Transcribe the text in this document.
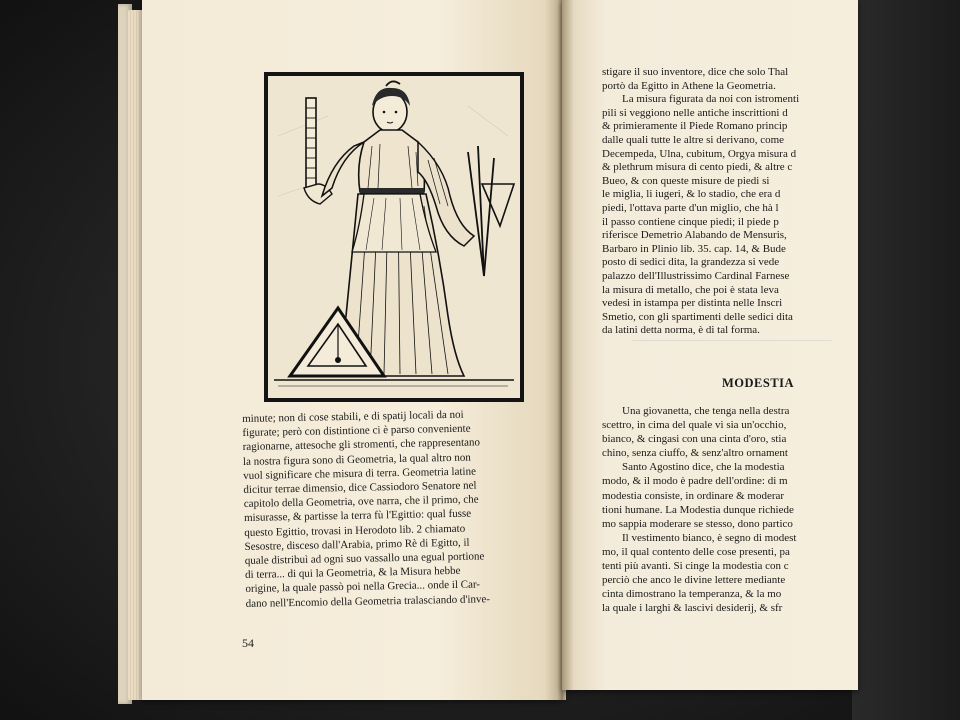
minute; non di cose stabili, e di spatij locali da noi
figurate; però con distintione ci è parso conveniente
ragionarne, attesoche gli stromenti, che rappresentano
la nostra figura sono di Geometria, la qual altro non
vuol significare che misura di terra. Geometria latine
dicitur terrae dimensio, dice Cassiodoro Senatore nel
capitolo della Geometria, ove narra, che il primo, che
misurasse, & partisse la terra fù l'Egittio: qual fusse
questo Egittio, trovasi in Herodoto lib. 2 chiamato
Sesostre, disceso dall'Arabia, primo Rè di Egitto, il
quale distribuì ad ogni suo vassallo una egual portione
di terra... di qui la Geometria, & la Misura hebbe
origine, la quale passò poi nella Grecia... onde il Car-
dano nell'Encomio della Geometria tralasciando d'inve-
54
stigare il suo inventore, dice che solo Thal
portò da Egitto in Athene la Geometria.
La misura figurata da noi con istromenti
pili si veggiono nelle antiche inscrittioni d
& primieramente il Piede Romano princip
dalle quali tutte le altre si derivano, come
Decempeda, Ulna, cubitum, Orgya misura d
& plethrum misura di cento piedi, & altre c
Bueo, & con queste misure de piedi si
le miglia, li iugeri, & lo stadio, che era d
piedi, l'ottava parte d'un miglio, che hà l
il passo contiene cinque piedi; il piede p
riferisce Demetrio Alabando de Mensuris,
Barbaro in Plinio lib. 35. cap. 14, & Bude
posto di sedici dita, la grandezza si vede
palazzo dell'Illustrissimo Cardinal Farnese
la misura di metallo, che poi è stata leva
vedesi in istampa per distinta nelle Inscri
Smetio, con gli spartimenti delle sedici dita
da latini detta norma, è di tal forma.
MODESTIA
Una giovanetta, che tenga nella destra
scettro, in cima del quale vi sia un'occhio,
bianco, & cingasi con una cinta d'oro, stia
chino, senza ciuffo, & senz'altro ornament
Santo Agostino dice, che la modestia
modo, & il modo è padre dell'ordine: di m
modestia consiste, in ordinare & moderar
tioni humane. La Modestia dunque richiede
mo sappia moderare se stesso, dono partico
Il vestimento bianco, è segno di modest
mo, il qual contento delle cose presenti, pa
tenti più avanti. Si cinge la modestia con c
perciò che anco le divine lettere mediante
cinta dimostrano la temperanza, & la mo
la quale i larghi & lascivi desiderij, & sfr
